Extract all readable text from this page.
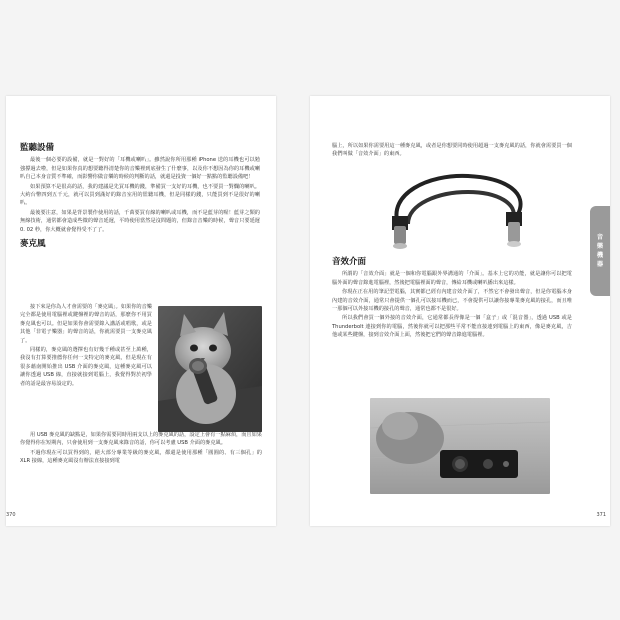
監聽設備

最後一個必要的設備，就是一對好的「耳機或喇叭」。雖然說你所用那種 iPhone 送的耳機也可以勉強撐過去啦，但是如果你真的想要聽得清楚你的音樂裡到底發生了什麼事，以及你不想因為你的耳機或喇叭自己本身音質不準確，而影響你做音樂的時候的判斷的話，就還是投資一個好一點點的監聽設備吧！

如果預算不是很高的話，我的建議是先買耳機的錢，準備買一支好的耳機，也不要買一對爛的喇叭。大約台幣四到五千元，就可以買到滿好的錄音室用的監聽耳機，但是同樣的錢，只能買到不是很好的喇叭。

最後要注意，如果是背景製作使用的話，千萬要買有線的喇叭或耳機，而不是藍芽的喔！藍芽之類的無線技術，通常都會造成些微的聲音延遲，平時使用當然是沒問題的，但錄音音樂的時候，聲音只要延遲 0. 02 秒，你大概就會覺得受不了了。

麥克風

接下來是你為人才會需要的「麥克風」。如果你的音樂完全都是使用電腦裡或鍵盤裡的聲音的話，那麼你不用買麥克風也可以。但是如果你會需要錄入講話或唱歌，或是其他「非電子樂器」的聲音的話，你就需要買一支麥克風了。

同樣的，麥克風的選擇也有好幾千種或甚至上萬種，我沒有打算要推薦你任何一支特定的麥克風，但是現在有很多藉南開始推出 USB 介面的麥克風，這種麥克風可以讓你透過 USB 線，直接就接到電腦上，我覺得對於初學者的話是最容易設定的。

用 USB 麥克風的缺點是，如果你需要同時用兩支以上的麥克風的話，設定上會有一點麻煩，而且如果你覺得你在短期內，只會使用到一支麥克風來錄音的話，你可以考慮 USB 介面的麥克風。

不過你現在可以買得到的，絕大部分專業等級的麥克風，都還是使用那種「圓圓的、有三個孔」的 XLR 接線，這種麥克風沒有辦法直接接到電

370
音
樂
機
器

腦上，所以如果你需要用這一種麥克風，或者是你想要同時使用超過一支麥克風的話，你就會需要買一個我們叫做「音效介面」的東西。

音效介面

所謂的「音效介面」就是一個和你電腦跟外界溝通的「介面」。基本上它的功能，就是讓你可以把電腦外面的聲音錄進電腦裡，然後把電腦裡面的聲音，傳給耳機或喇叭播出來這樣。

你現在正在用的筆記型電腦，其實都已經有內建音效介面了，不然它不會發出聲音，但是你電腦本身內建的音效介面，通常只會提供一個孔可以接耳機而已，不會提供可以讓你接專業麥克風的接孔，而且唯一那個可以外接耳機的接孔的聲音，通常也都不是很好。

所以我們會買一個外接的音效介面，它通常都長得像是一個「盒子」或「混音器」，透過 USB 或是 Thunderbolt 連接到你的電腦，然後你就可以把那些平常不能直接連到電腦上的東西，像是麥克風，吉他或某些鍵盤，接到音效介面上面，然後把它們的聲音錄進電腦裡。

371
